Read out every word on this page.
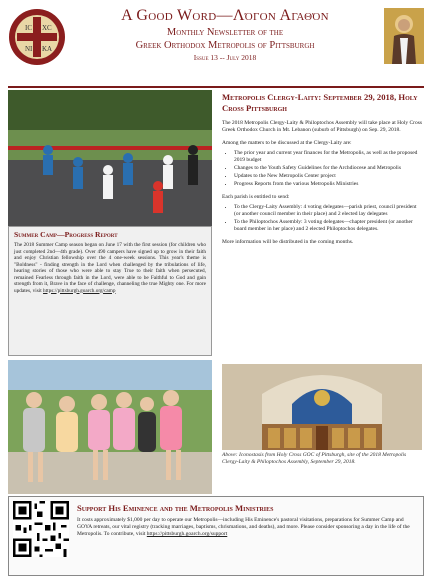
IC XC
NI KA
A Good Word—Λόγον Αγαθόν
Monthly Newsletter of the
Greek Orthodox Metropolis of Pittsburgh
Issue 13 -- July 2018
Summer Camp—Progress Report

The 2018 Summer Camp season began on June 17 with the first session (for children who just completed 2nd—4th grade). Over 490 campers have signed up to grow in their faith and enjoy Christian fellowship over the 4 one-week sessions. This year's theme is "Boldness" - finding strength in the Lord when challenged by the tribulations of life, hearing stories of those who were able to stay True to their faith when persecuted, remained Fearless through faith in the Lord, were able to be Faithful to God and gain strength from it, Brave in the face of challenge, channeling the true Mighty one. For more updates, visit https://pittsburgh.goarch.org/camp

Metropolis Clergy-Laity: September 29, 2018, Holy Cross Pittsburgh

The 2018 Metropolis Clergy-Laity & Philoptochos Assembly will take place at Holy Cross Greek Orthodox Church in Mt. Lebanon (suburb of Pittsburgh) on Sep. 29, 2018.

Among the matters to be discussed at the Clergy-Laity are:

• The prior year and current year finances for the Metropolis, as well as the proposed 2019 budget
• Changes to the Youth Safety Guidelines for the Archdiocese and Metropolis
• Updates to the New Metropolis Center project
• Progress Reports from the various Metropolis Ministries

Each parish is entitled to send:

• To the Clergy-Laity Assembly: 4 voting delegates—parish priest, council president (or another council member in their place) and 2 elected lay delegates
• To the Philoptochos Assembly: 3 voting delegates—chapter president (or another board member in her place) and 2 elected Philoptochos delegates.

More information will be distributed in the coming months.

Above: Iconostasis from Holy Cross GOC of Pittsburgh, site of the 2018 Metropolis Clergy-Laity & Philoptochos Assembly, September 29, 2018.
Support His Eminence and the Metropolis Ministries
It costs approximately $1,000 per day to operate our Metropolis—including His Eminence's pastoral visitations, preparations for Summer Camp and GOYA retreats, our vital registry (tracking marriages, baptisms, chrismations, and deaths), and more. Please consider sponsoring a day in the life of the Metropolis. To contribute, visit https://pittsburgh.goarch.org/support
